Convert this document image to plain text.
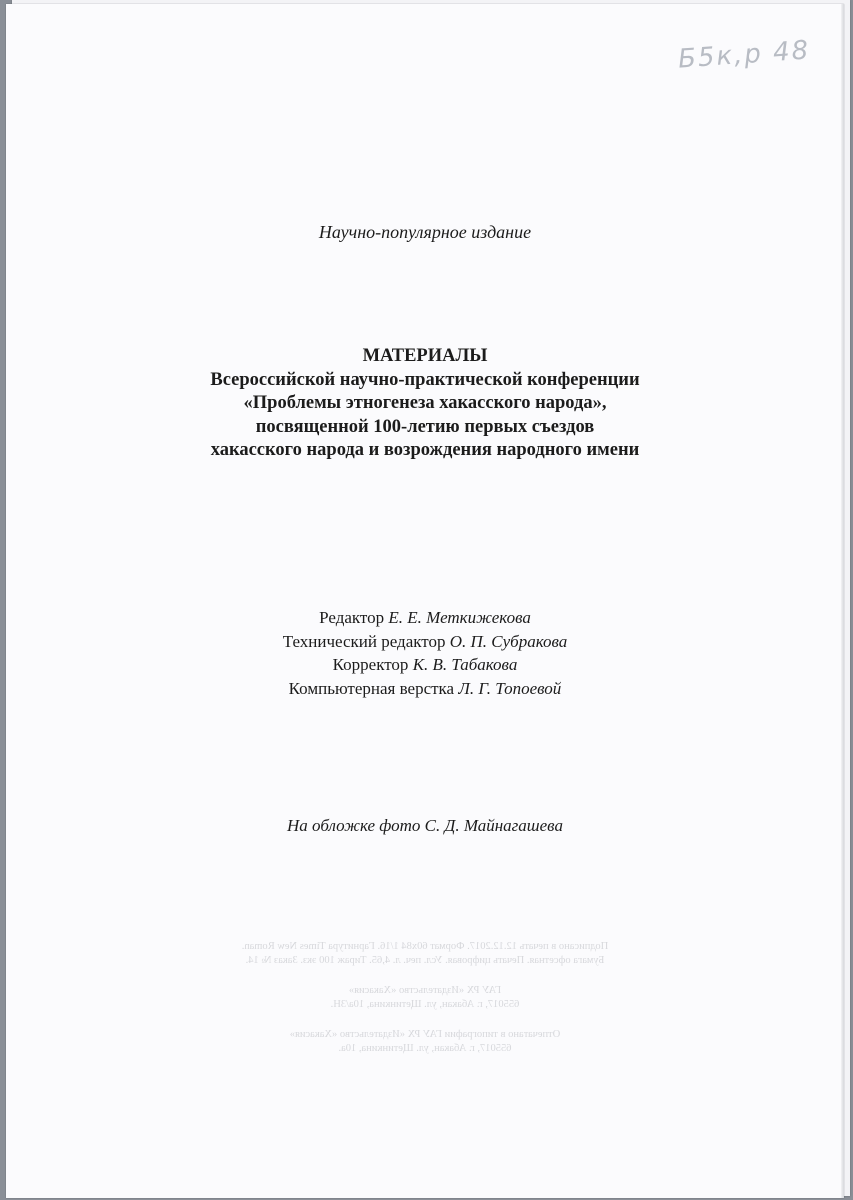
Б5к,р 48
Научно-популярное издание
МАТЕРИАЛЫ
Всероссийской научно-практической конференции
«Проблемы этногенеза хакасского народа»,
посвященной 100-летию первых съездов
хакасского народа и возрождения народного имени
Редактор Е. Е. Меткижекова
Технический редактор О. П. Субракова
Корректор К. В. Табакова
Компьютерная верстка Л. Г. Топоевой
На обложке фото С. Д. Майнагашева
Подписано в печать 12.12.2017. Формат 60x84 1/16. Гарнитура Times New Roman.
Бумага офсетная. Печать цифровая. Усл. печ. л. 4,65. Тираж 100 экз. Заказ № 14.
ГАУ РХ «Издательство «Хакасия»
655017, г. Абакан, ул. Щетинкина, 10а/3Н.
Отпечатано в типографии ГАУ РХ «Издательство «Хакасия»
655017, г. Абакан, ул. Щетинкина, 10а.
